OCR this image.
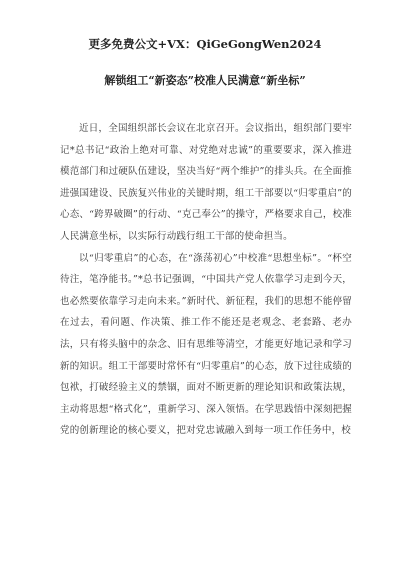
更多免费公文+VX：QiGeGongWen2024
解锁组工“新姿态”校准人民满意“新坐标”

近日，全国组织部长会议在北京召开。会议指出，组织部门要牢记*总书记“政治上绝对可靠、对党绝对忠诚”的重要要求，深入推进模范部门和过硬队伍建设，坚决当好“两个维护”的排头兵。在全面推进强国建设、民族复兴伟业的关键时期，组工干部要以“归零重启”的心态、“跨界破圈”的行动、“克己奉公”的操守，严格要求自己，校准人民满意坐标，以实际行动践行组工干部的使命担当。

以“归零重启”的心态，在“涤荡初心”中校准“思想坐标”。“杯空待注，笔净能书。”*总书记强调，“中国共产党人依靠学习走到今天，也必然要依靠学习走向未来。”新时代、新征程，我们的思想不能停留在过去，看问题、作决策、推工作不能还是老观念、老套路、老办法，只有将头脑中的杂念、旧有思维等清空，才能更好地记录和学习新的知识。组工干部要时常怀有“归零重启”的心态，放下过往成绩的包袱，打破经验主义的禁锢，面对不断更新的理论知识和政策法规，主动将思想“格式化”，重新学习、深入领悟。在学思践悟中深刻把握党的创新理论的核心要义，把对党忠诚融入到每一项工作任务中，校
